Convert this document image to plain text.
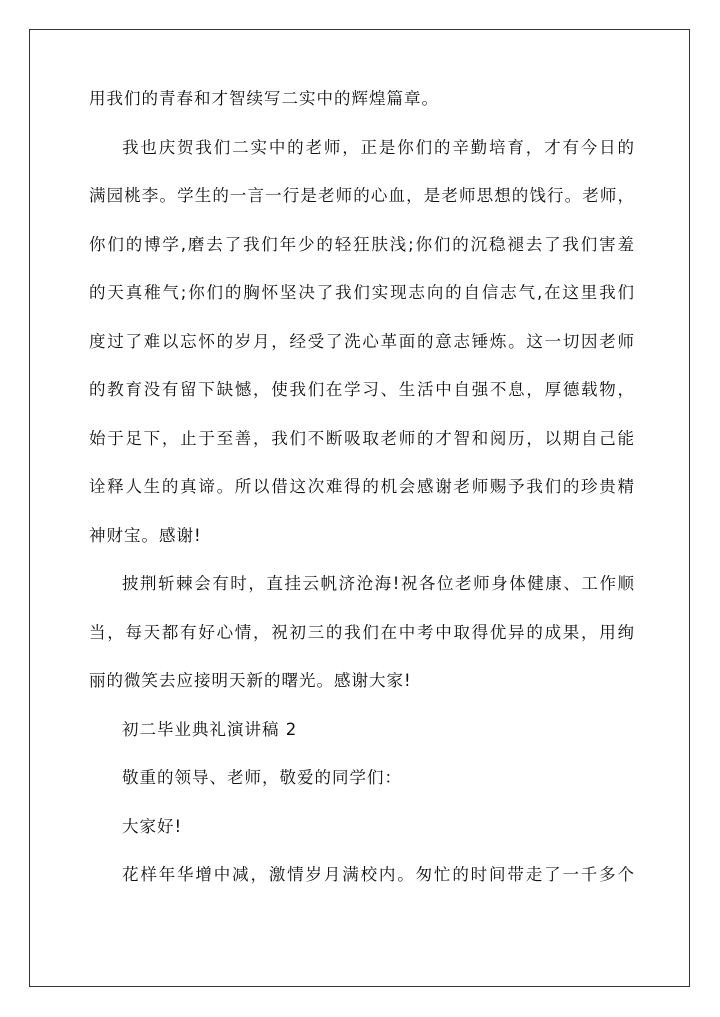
用我们的青春和才智续写二实中的辉煌篇章。
我也庆贺我们二实中的老师，正是你们的辛勤培育，才有今日的
满园桃李。学生的一言一行是老师的心血，是老师思想的饯行。老师，
你们的博学,磨去了我们年少的轻狂肤浅;你们的沉稳褪去了我们害羞
的天真稚气;你们的胸怀坚决了我们实现志向的自信志气,在这里我们
度过了难以忘怀的岁月，经受了洗心革面的意志锤炼。这一切因老师
的教育没有留下缺憾，使我们在学习、生活中自强不息，厚德载物，
始于足下，止于至善，我们不断吸取老师的才智和阅历，以期自己能
诠释人生的真谛。所以借这次难得的机会感谢老师赐予我们的珍贵精
神财宝。感谢!
披荆斩棘会有时，直挂云帆济沧海!祝各位老师身体健康、工作顺
当，每天都有好心情，祝初三的我们在中考中取得优异的成果，用绚
丽的微笑去应接明天新的曙光。感谢大家!
初二毕业典礼演讲稿 2
敬重的领导、老师，敬爱的同学们：
大家好!
花样年华增中减，激情岁月满校内。匆忙的时间带走了一千多个
